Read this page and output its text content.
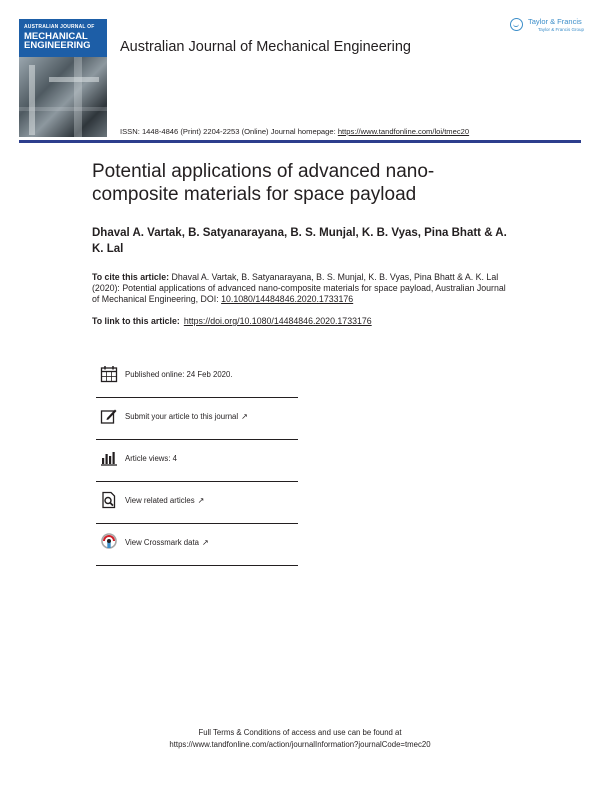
AUSTRALIAN JOURNAL OF
MECHANICAL
ENGINEERING	Australian Journal of Mechanical Engineering
ISSN: 1448-4846 (Print) 2204-2253 (Online) Journal homepage: https://www.tandfonline.com/loi/tmec20
Taylor & Francis
Taylor & Francis Group
Potential applications of advanced nano-composite materials for space payload
Dhaval A. Vartak, B. Satyanarayana, B. S. Munjal, K. B. Vyas, Pina Bhatt & A. K. Lal
To cite this article: Dhaval A. Vartak, B. Satyanarayana, B. S. Munjal, K. B. Vyas, Pina Bhatt & A. K. Lal (2020): Potential applications of advanced nano-composite materials for space payload, Australian Journal of Mechanical Engineering, DOI: 10.1080/14484846.2020.1733176
To link to this article: https://doi.org/10.1080/14484846.2020.1733176
Published online: 24 Feb 2020.
Submit your article to this journal ↗
Article views: 4
View related articles ↗
View Crossmark data ↗
Full Terms & Conditions of access and use can be found at
https://www.tandfonline.com/action/journalInformation?journalCode=tmec20
